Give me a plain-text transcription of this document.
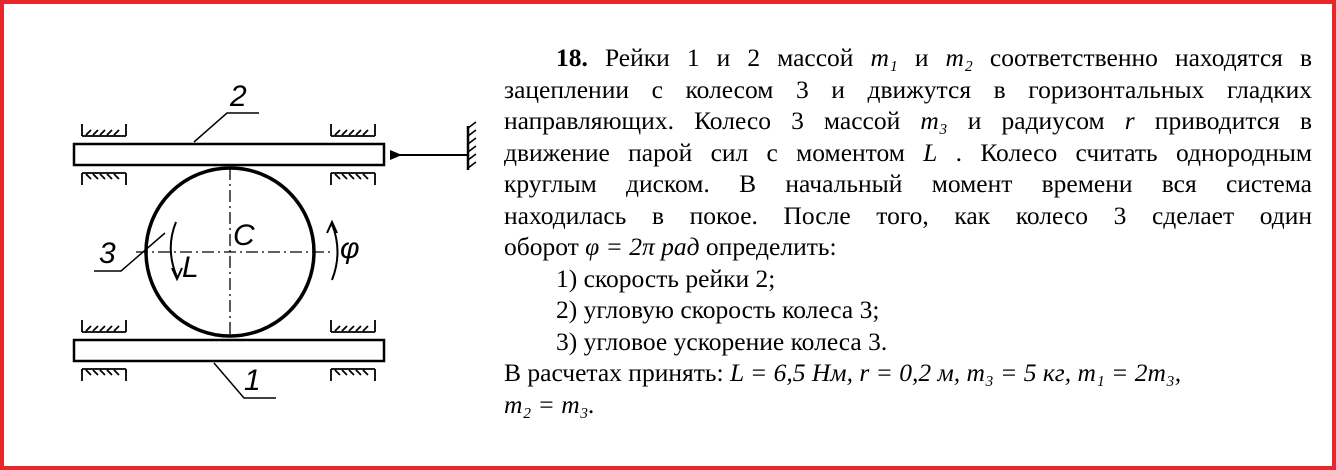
2
1
3
C
L
φ
18. Рейки 1 и 2 массой m₁ и m₂ соответственно находятся в
зацеплении с колесом 3 и движутся в горизонтальных гладких
направляющих. Колесо 3 массой m₃ и радиусом r приводится в
движение парой сил с моментом L . Колесо считать однородным
круглым диском. В начальный момент времени вся система
находилась в покое. После того, как колесо 3 сделает один
оборот φ = 2π рад определить:
1) скорость рейки 2;
2) угловую скорость колеса 3;
3) угловое ускорение колеса 3.
В расчетах принять: L = 6,5 Нм, r = 0,2 м, m₃ = 5 кг, m₁ = 2m₃,
m₂ = m₃.
